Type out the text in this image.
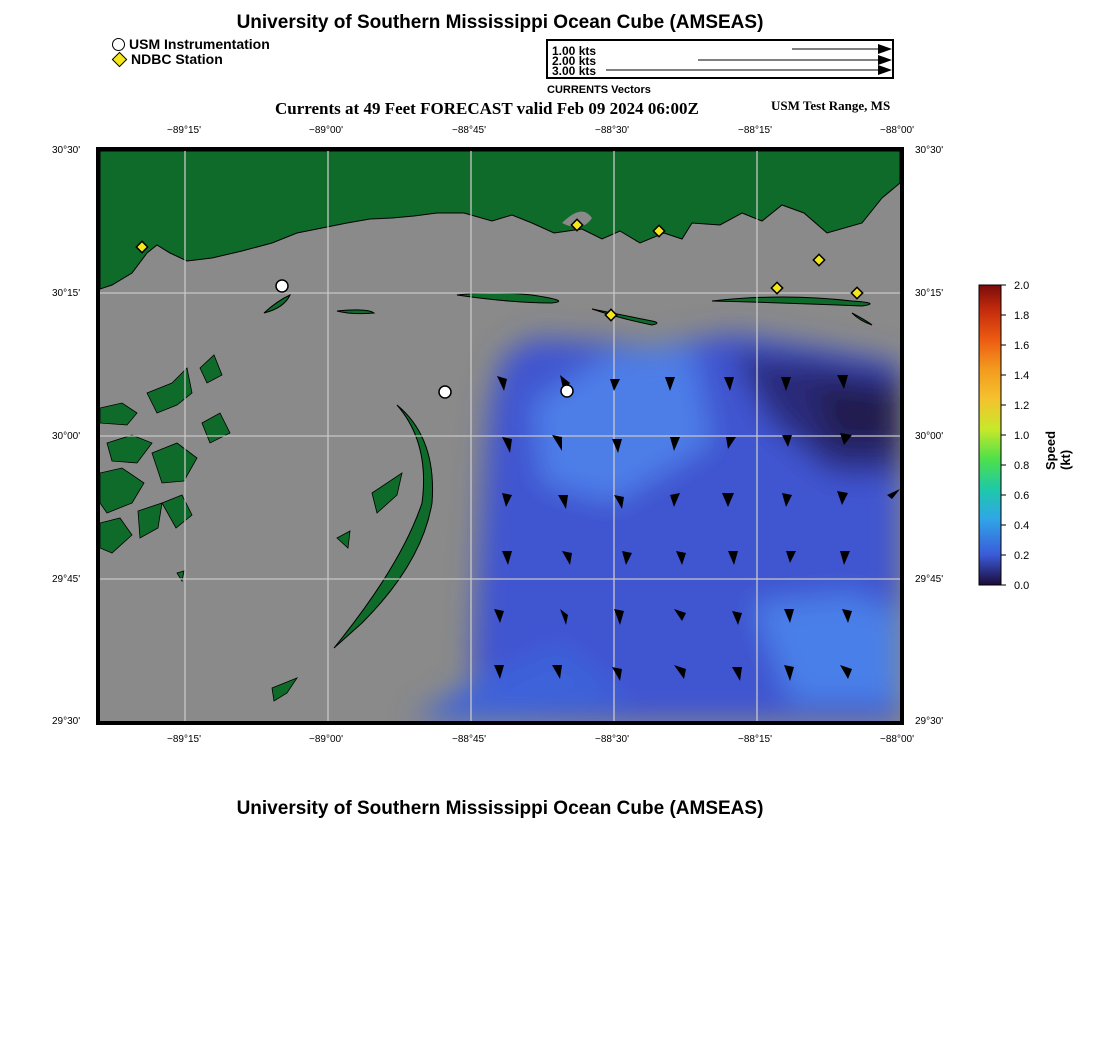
University of Southern Mississippi Ocean Cube (AMSEAS)
USM Instrumentation
NDBC Station	1.00 kts
2.00 kts
3.00 kts
CURRENTS Vectors
Currents at 49 Feet FORECAST valid Feb 09 2024 06:00Z	USM Test Range, MS
−89°15'	−89°00'	−88°45'	−88°30'	−88°15'	−88°00'
−89°15'	−89°00'	−88°45'	−88°30'	−88°15'	−88°00'
30°30'
30°15'
30°00'
29°45'
29°30'
30°30'
30°15'
30°00'
29°45'
29°30'
2.0
1.8
1.6
1.4
1.2
1.0
0.8
0.6
0.4
0.2
0.0
Speed (kt)
University of Southern Mississippi Ocean Cube (AMSEAS)
